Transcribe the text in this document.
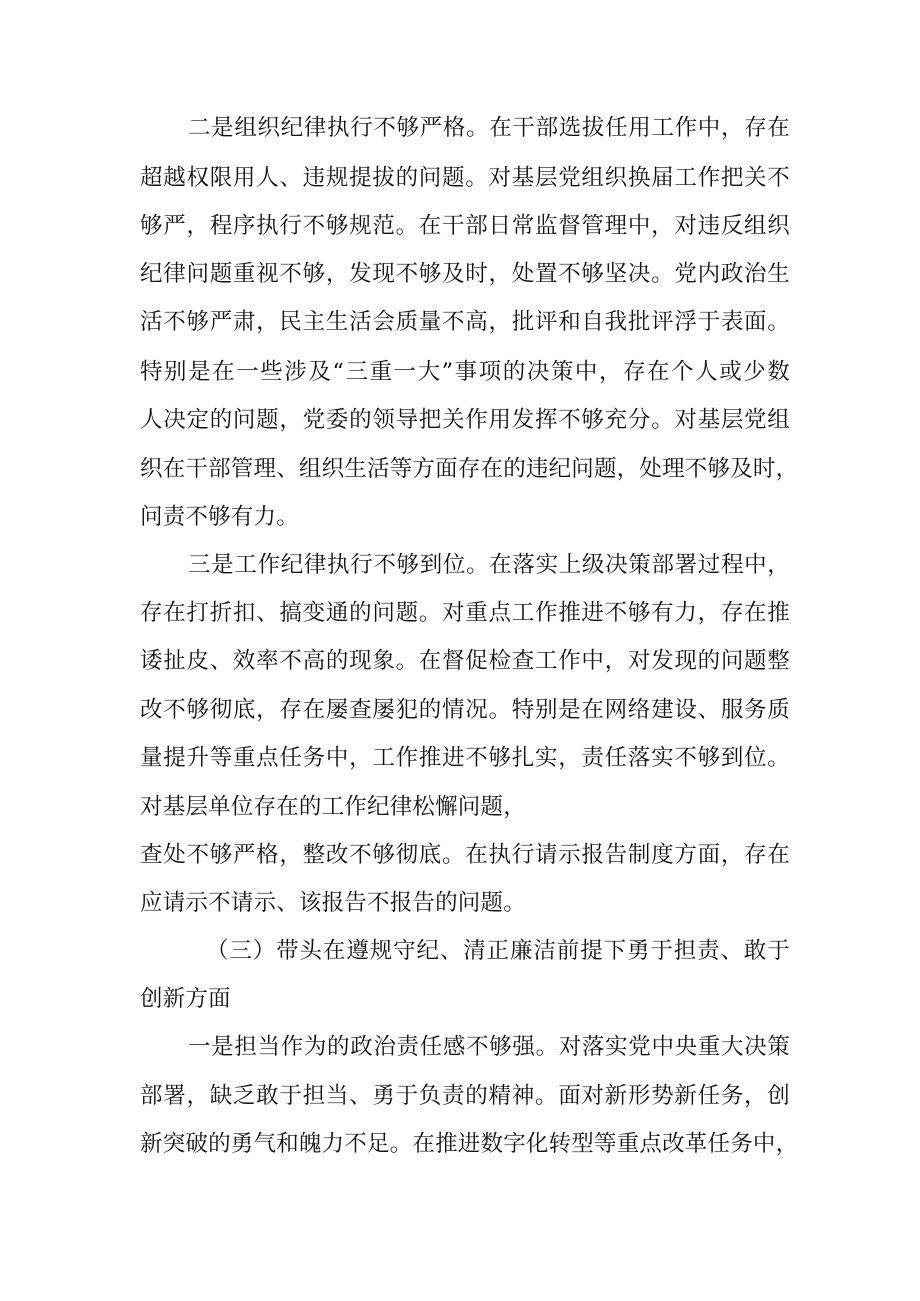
二是组织纪律执行不够严格。在干部选拔任用工作中，存在
超越权限用人、违规提拔的问题。对基层党组织换届工作把关不
够严，程序执行不够规范。在干部日常监督管理中，对违反组织
纪律问题重视不够，发现不够及时，处置不够坚决。党内政治生
活不够严肃，民主生活会质量不高，批评和自我批评浮于表面。
特别是在一些涉及“三重一大”事项的决策中，存在个人或少数
人决定的问题，党委的领导把关作用发挥不够充分。对基层党组
织在干部管理、组织生活等方面存在的违纪问题，处理不够及时，
问责不够有力。
三是工作纪律执行不够到位。在落实上级决策部署过程中，
存在打折扣、搞变通的问题。对重点工作推进不够有力，存在推
诿扯皮、效率不高的现象。在督促检查工作中，对发现的问题整
改不够彻底，存在屡查屡犯的情况。特别是在网络建设、服务质
量提升等重点任务中，工作推进不够扎实，责任落实不够到位。
对基层单位存在的工作纪律松懈问题，
查处不够严格，整改不够彻底。在执行请示报告制度方面，存在
应请示不请示、该报告不报告的问题。
（三）带头在遵规守纪、清正廉洁前提下勇于担责、敢于
创新方面
一是担当作为的政治责任感不够强。对落实党中央重大决策
部署，缺乏敢于担当、勇于负责的精神。面对新形势新任务，创
新突破的勇气和魄力不足。在推进数字化转型等重点改革任务中，
